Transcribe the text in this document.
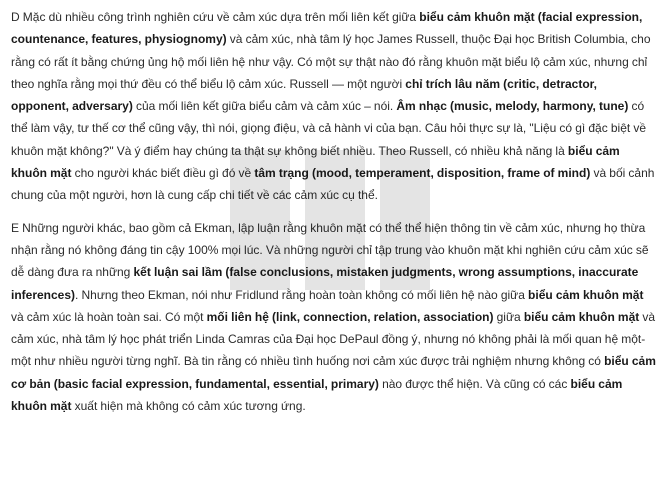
D Mặc dù nhiều công trình nghiên cứu về cảm xúc dựa trên mối liên kết giữa biểu cảm khuôn mặt (facial expression, countenance, features, physiognomy) và cảm xúc, nhà tâm lý học James Russell, thuộc Đại học British Columbia, cho rằng có rất ít bằng chứng ủng hộ mối liên hệ như vậy. Có một sự thật nào đó rằng khuôn mặt biểu lộ cảm xúc, nhưng chỉ theo nghĩa rằng mọi thứ đều có thể biểu lộ cảm xúc. Russell — một người chỉ trích lâu năm (critic, detractor, opponent, adversary) của mối liên kết giữa biểu cảm và cảm xúc – nói. Âm nhạc (music, melody, harmony, tune) có thể làm vậy, tư thế cơ thể cũng vậy, thì nói, giọng điệu, và cả hành vi của bạn. Câu hỏi thực sự là, "Liệu có gì đặc biệt về khuôn mặt không?" Và ý điểm hay chúng ta thật sự không biết nhiều. Theo Russell, có nhiều khả năng là biểu cảm khuôn mặt cho người khác biết điều gì đó về tâm trạng (mood, temperament, disposition, frame of mind) và bối cảnh chung của một người, hơn là cung cấp chi tiết về các cảm xúc cụ thể.

E Những người khác, bao gồm cả Ekman, lập luận rằng khuôn mặt có thể thể hiện thông tin về cảm xúc, nhưng họ thừa nhận rằng nó không đáng tin cậy 100% mọi lúc. Và những người chỉ tập trung vào khuôn mặt khi nghiên cứu cảm xúc sẽ dễ dàng đưa ra những kết luận sai lầm (false conclusions, mistaken judgments, wrong assumptions, inaccurate inferences). Nhưng theo Ekman, nói như Fridlund rằng hoàn toàn không có mối liên hệ nào giữa biểu cảm khuôn mặt và cảm xúc là hoàn toàn sai. Có một mối liên hệ (link, connection, relation, association) giữa biểu cảm khuôn mặt và cảm xúc, nhà tâm lý học phát triển Linda Camras của Đại học DePaul đồng ý, nhưng nó không phải là mối quan hệ một-một như nhiều người từng nghĩ. Bà tin rằng có nhiều tình huống nơi cảm xúc được trải nghiệm nhưng không có biểu cảm cơ bản (basic facial expression, fundamental, essential, primary) nào được thể hiện. Và cũng có các biểu cảm khuôn mặt xuất hiện mà không có cảm xúc tương ứng.
